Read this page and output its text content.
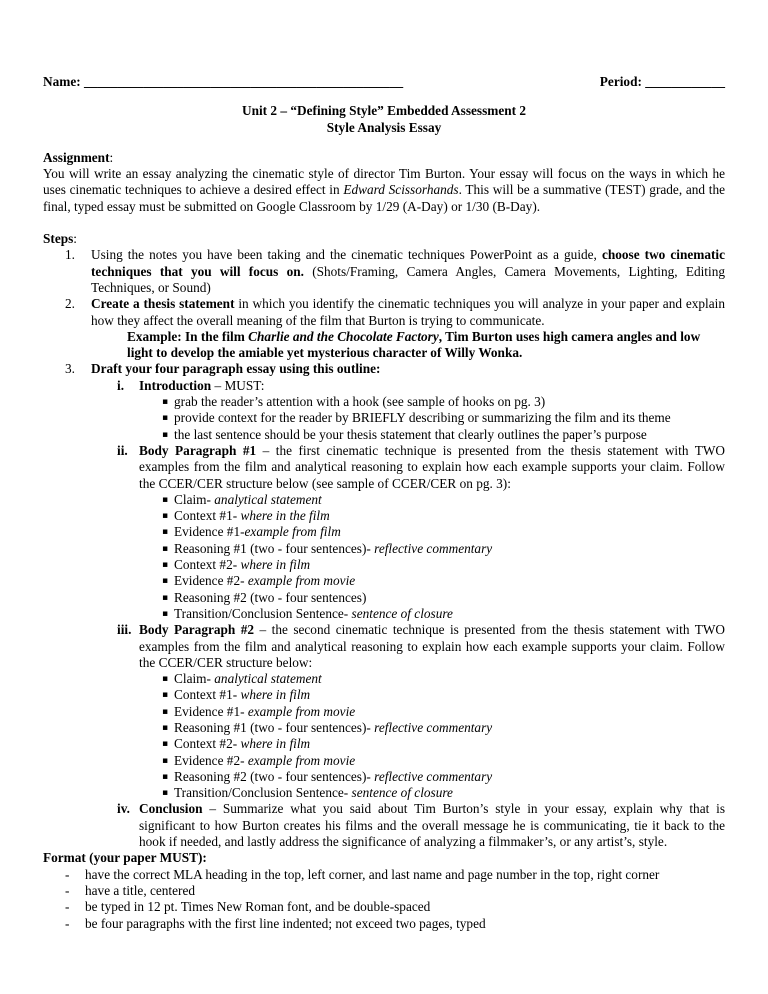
Name: ________________________________________________	Period: ____________
Unit 2 – “Defining Style” Embedded Assessment 2
Style Analysis Essay
Assignment:
You will write an essay analyzing the cinematic style of director Tim Burton. Your essay will focus on the ways in which he uses cinematic techniques to achieve a desired effect in Edward Scissorhands. This will be a summative (TEST) grade, and the final, typed essay must be submitted on Google Classroom by 1/29 (A-Day) or 1/30 (B-Day).
Steps:
1.	Using the notes you have been taking and the cinematic techniques PowerPoint as a guide, choose two cinematic techniques that you will focus on. (Shots/Framing, Camera Angles, Camera Movements, Lighting, Editing Techniques, or Sound)
2.	Create a thesis statement in which you identify the cinematic techniques you will analyze in your paper and explain how they affect the overall meaning of the film that Burton is trying to communicate.
Example: In the film Charlie and the Chocolate Factory, Tim Burton uses high camera angles and low light to develop the amiable yet mysterious character of Willy Wonka.
3.	Draft your four paragraph essay using this outline:
i.	Introduction – MUST:
▪ grab the reader’s attention with a hook (see sample of hooks on pg. 3)
▪ provide context for the reader by BRIEFLY describing or summarizing the film and its theme
▪ the last sentence should be your thesis statement that clearly outlines the paper’s purpose
ii. Body Paragraph #1 – the first cinematic technique is presented from the thesis statement with TWO examples from the film and analytical reasoning to explain how each example supports your claim. Follow the CCER/CER structure below (see sample of CCER/CER on pg. 3):
▪ Claim- analytical statement
▪ Context #1- where in the film
▪ Evidence #1-example from film
▪ Reasoning #1 (two - four sentences)- reflective commentary
▪ Context #2- where in film
▪ Evidence #2- example from movie
▪ Reasoning #2 (two - four sentences)
▪ Transition/Conclusion Sentence- sentence of closure
iii. Body Paragraph #2 – the second cinematic technique is presented from the thesis statement with TWO examples from the film and analytical reasoning to explain how each example supports your claim. Follow the CCER/CER structure below:
▪ Claim- analytical statement
▪ Context #1- where in film
▪ Evidence #1- example from movie
▪ Reasoning #1 (two - four sentences)- reflective commentary
▪ Context #2- where in film
▪ Evidence #2- example from movie
▪ Reasoning #2 (two - four sentences)- reflective commentary
▪ Transition/Conclusion Sentence- sentence of closure
iv. Conclusion – Summarize what you said about Tim Burton’s style in your essay, explain why that is significant to how Burton creates his films and the overall message he is communicating, tie it back to the hook if needed, and lastly address the significance of analyzing a filmmaker’s, or any artist’s, style.
Format (your paper MUST):
-	have the correct MLA heading in the top, left corner, and last name and page number in the top, right corner
-	have a title, centered
-	be typed in 12 pt. Times New Roman font, and be double-spaced
-	be four paragraphs with the first line indented; not exceed two pages, typed
